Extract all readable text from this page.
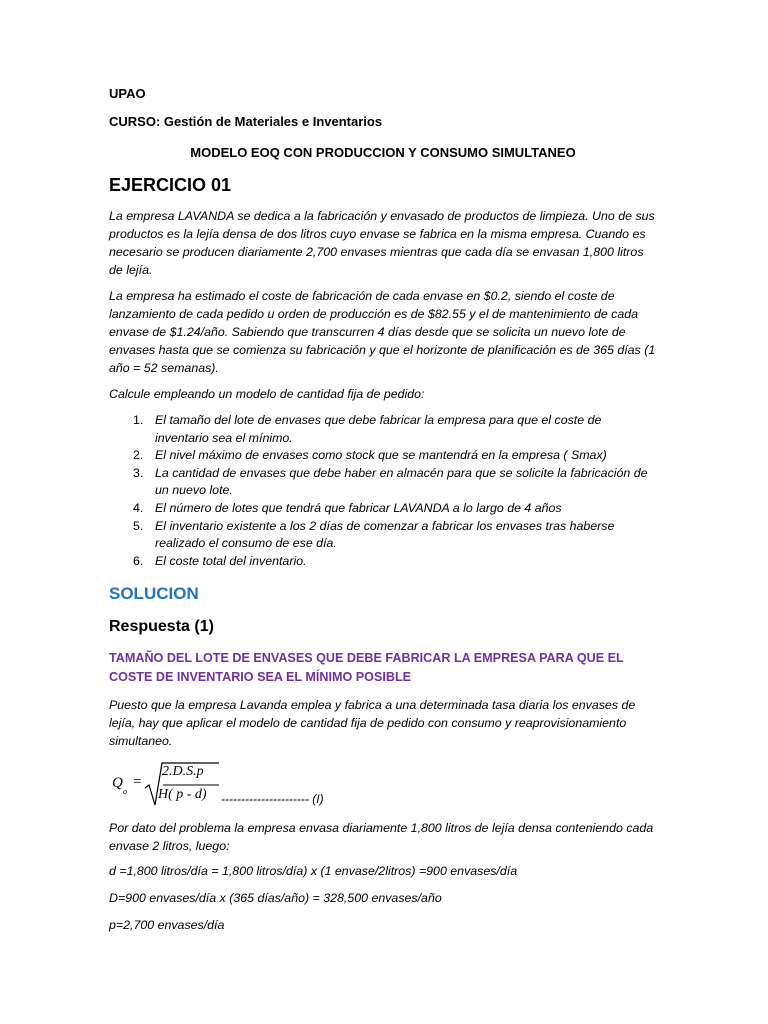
UPAO
CURSO: Gestión de Materiales e Inventarios
MODELO EOQ CON PRODUCCION Y CONSUMO SIMULTANEO
EJERCICIO 01

La empresa LAVANDA se dedica a la fabricación y envasado de productos de limpieza. Uno de sus productos es la lejía densa de dos litros cuyo envase se fabrica en la misma empresa. Cuando es necesario se producen diariamente 2,700 envases mientras que cada día se envasan 1,800 litros de lejía.

La empresa ha estimado el coste de fabricación de cada envase en $0.2, siendo el coste de lanzamiento de cada pedido u orden de producción es de $82.55 y el de mantenimiento de cada envase de $1.24/año. Sabiendo que transcurren 4 días desde que se solicita un nuevo lote de envases hasta que se comienza su fabricación y que el horizonte de planificación es de 365 días (1 año = 52 semanas).

Calcule empleando un modelo de cantidad fija de pedido:

1. El tamaño del lote de envases que debe fabricar la empresa para que el coste de inventario sea el mínimo.
2. El nivel máximo de envases como stock que se mantendrá en la empresa ( Smax)
3. La cantidad de envases que debe haber en almacén para que se solicite la fabricación de un nuevo lote.
4. El número de lotes que tendrá que fabricar LAVANDA a lo largo de 4 años
5. El inventario existente a los 2 días de comenzar a fabricar los envases tras haberse realizado el consumo de ese día.
6. El coste total del inventario.
SOLUCION
Respuesta (1)
TAMAÑO DEL LOTE DE ENVASES QUE DEBE FABRICAR LA EMPRESA PARA QUE EL COSTE DE INVENTARIO SEA EL MÍNIMO POSIBLE

Puesto que la empresa Lavanda emplea y fabrica a una determinada tasa diaria los envases de lejía, hay que aplicar el modelo de cantidad fija de pedido con consumo y reaprovisionamiento simultaneo.

Q
o
=
2.D.S.p
H( p - d) ---------------------- (I)

Por dato del problema la empresa envasa diariamente 1,800 litros de lejía densa conteniendo cada envase 2 litros, luego:

d =1,800 litros/día = 1,800 litros/día) x (1 envase/2litros) =900 envases/día
D=900 envases/día x (365 días/año) = 328,500 envases/año
p=2,700 envases/día
